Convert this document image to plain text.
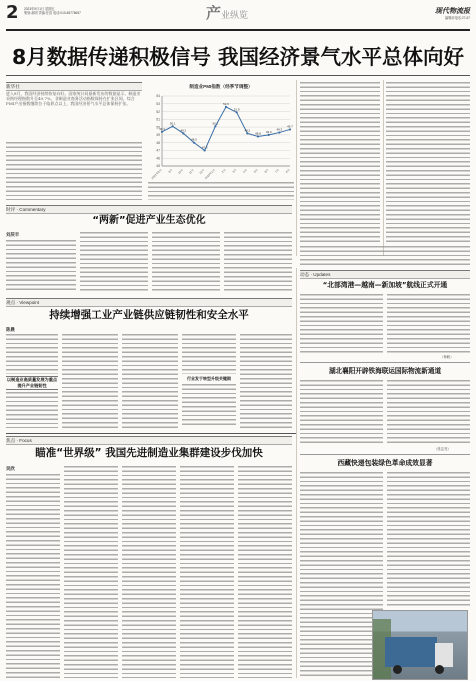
2 2023年9月1日 星期五
策划:郝明 责编:任浩 电话:010-65776657	产业纵览	现代物流报
编辑部电话:27-67
8月数据传递积极信号 我国经济景气水平总体向好
新华社

进入8月，我国经济持续恢复向好。国家统计局最新发布的数据显示，制造业采购经理指数升至49.7%，非制造业商务活动指数保持在扩张区间，综合PMI产出指数继续位于临界点以上，我国经济景气水平总体保持扩张。

制造业PMI指数（经季节调整）
45
46
47
48
49
50
51
52
53
54
2022年8月 9月 10月 11月 12月
2023年1月 2月 3月 4月 5月 6月 7月 8月
49.4
50.1
49.2
48.0
47.0
50.1
52.6
51.9
49.2
48.8 49.0
49.3
49.7
时评 · Commentary
“两新”促进产业生态优化
刘辰丰
观点 · Viewpoint
持续增强工业产业链供应链韧性和安全水平
陈晨
以制造业高质量发展为重点
提升产业链韧性
行业发于转型升级关键期
动态 · Updates
“北部湾港—越南—新加坡”航线正式开通
（杨帆）
湖北襄阳开辟铁海联运国际物流新通道
（张志亮）
焦点 · Focus
瞄准“世界级” 我国先进制造业集群建设步伐加快
吴欣
西藏快递包装绿色革命成效显著
